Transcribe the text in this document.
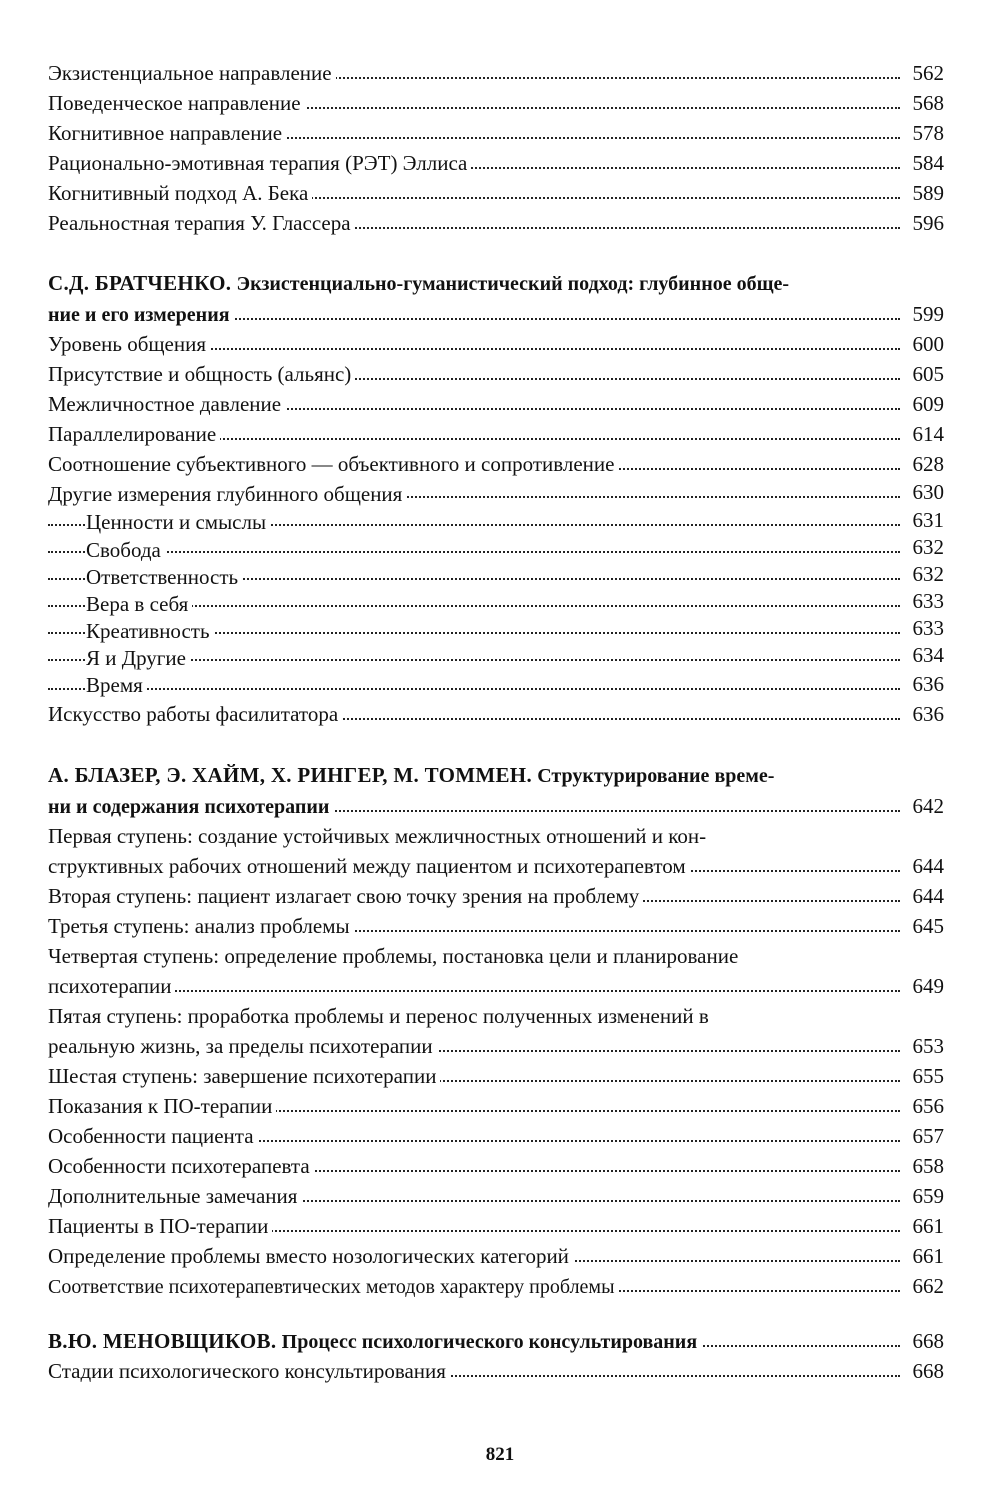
Экзистенциальное направление	562
Поведенческое направление	568
Когнитивное направление	578
Рационально-эмотивная терапия (РЭТ) Эллиса	584
Когнитивный подход А. Бека	589
Реальностная терапия У. Глассера	596
С.Д. БРАТЧЕНКО. Экзистенциально-гуманистический подход: глубинное обще-
ние и его измерения	599
Уровень общения	600
Присутствие и общность (альянс)	605
Межличностное давление	609
Параллелирование	614
Соотношение субъективного — объективного и сопротивление	628
Другие измерения глубинного общения	630
Ценности и смыслы	631
Свобода	632
Ответственность	632
Вера в себя	633
Креативность	633
Я и Другие	634
Время	636
Искусство работы фасилитатора	636
А. БЛАЗЕР, Э. ХАЙМ, Х. РИНГЕР, М. ТОММЕН. Структурирование време-
ни и содержания психотерапии	642
Первая ступень: создание устойчивых межличностных отношений и кон-
структивных рабочих отношений между пациентом и психотерапевтом	644
Вторая ступень: пациент излагает свою точку зрения на проблему	644
Третья ступень: анализ проблемы	645
Четвертая ступень: определение проблемы, постановка цели и планирование
психотерапии	649
Пятая ступень: проработка проблемы и перенос полученных изменений в
реальную жизнь, за пределы психотерапии	653
Шестая ступень: завершение психотерапии	655
Показания к ПО-терапии	656
Особенности пациента	657
Особенности психотерапевта	658
Дополнительные замечания	659
Пациенты в ПО-терапии	661
Определение проблемы вместо нозологических категорий	661
Соответствие психотерапевтических методов характеру проблемы	662
В.Ю. МЕНОВЩИКОВ. Процесс психологического консультирования	668
Стадии психологического консультирования	668
821
